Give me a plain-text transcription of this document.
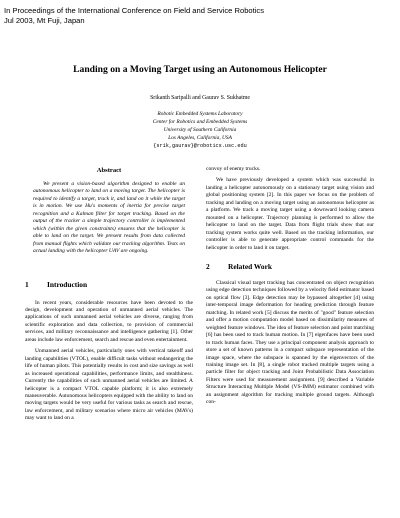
In Proceedings of the International Conference on Field and Service Robotics
Jul 2003, Mt Fuji, Japan
Landing on a Moving Target using an Autonomous Helicopter
Srikanth Saripalli and Gaurav S. Sukhatme
Robotic Embedded Systems Laboratory
Center for Robotics and Embedded Systems
University of Southern California
Los Angeles, California, USA
{srik,gaurav}@robotics.usc.edu
Abstract
We present a vision-based algorithm designed to enable an autonomous helicopter to land on a moving target. The helicopter is required to identify a target, track it, and land on it while the target is in motion. We use Hu's moments of inertia for precise target recognition and a Kalman filter for target tracking. Based on the output of the tracker a simple trajectory controller is implemented which (within the given constraints) ensures that the helicopter is able to land on the target. We present results from data collected from manual flights which validate our tracking algorithm. Tests on actual landing with the helicopter UAV are ongoing.
1 Introduction

In recent years, considerable resources have been devoted to the design, development and operation of unmanned aerial vehicles. The applications of such unmanned aerial vehicles are diverse, ranging from scientific exploration and data collection, to provision of commercial services, and military reconnaissance and intelligence gathering [1]. Other areas include law enforcement, search and rescue and even entertainment.

Unmanned aerial vehicles, particularly ones with vertical takeoff and landing capabilities (VTOL), enable difficult tasks without endangering the life of human pilots. This potentially results in cost and size savings as well as increased operational capabilities, performance limits, and stealthiness. Currently the capabilities of such unmanned aerial vehicles are limited. A helicopter is a compact VTOL capable platform; it is also extremely maneuverable. Autonomous helicopters equipped with the ability to land on moving targets would be very useful for various tasks as search and rescue, law enforcement, and military scenarios where micro air vehicles (MAVs) may want to land on a

convoy of enemy trucks.

We have previously developed a system which was successful in landing a helicopter autonomously on a stationary target using vision and global positioning system [2]. In this paper we focus on the problem of tracking and landing on a moving target using an autonomous helicopter as a platform. We track a moving target using a downward looking camera mounted on a helicopter. Trajectory planning is performed to allow the helicopter to land on the target. Data from flight trials show that our tracking system works quite well. Based on the tracking information, our controller is able to generate appropriate control commands for the helicopter in order to land it on target.

2 Related Work

Classical visual target tracking has concentrated on object recognition using edge detection techniques followed by a velocity field estimator based on optical flow [3]. Edge detection may be bypassed altogether [4] using inter-temporal image deformation for heading prediction through feature matching. In related work [5] discuss the merits of "good" feature selection and offer a motion computation model based on dissimilarity measures of weighted feature windows. The idea of feature selection and point matching [6] has been used to track human motion. In [7] eigenfaces have been used to track human faces. They use a principal component analysis approach to store a set of known patterns in a compact subspace representation of the image space, where the subspace is spanned by the eigenvectors of the training image set. In [8], a single robot tracked multiple targets using a particle filter for object tracking and Joint Probabilistic Data Association Filters were used for measurement assignment. [9] described a Variable Structure Interacting Multiple Model (VS-IMM) estimator combined with an assignment algorithm for tracking multiple ground targets. Although con-
